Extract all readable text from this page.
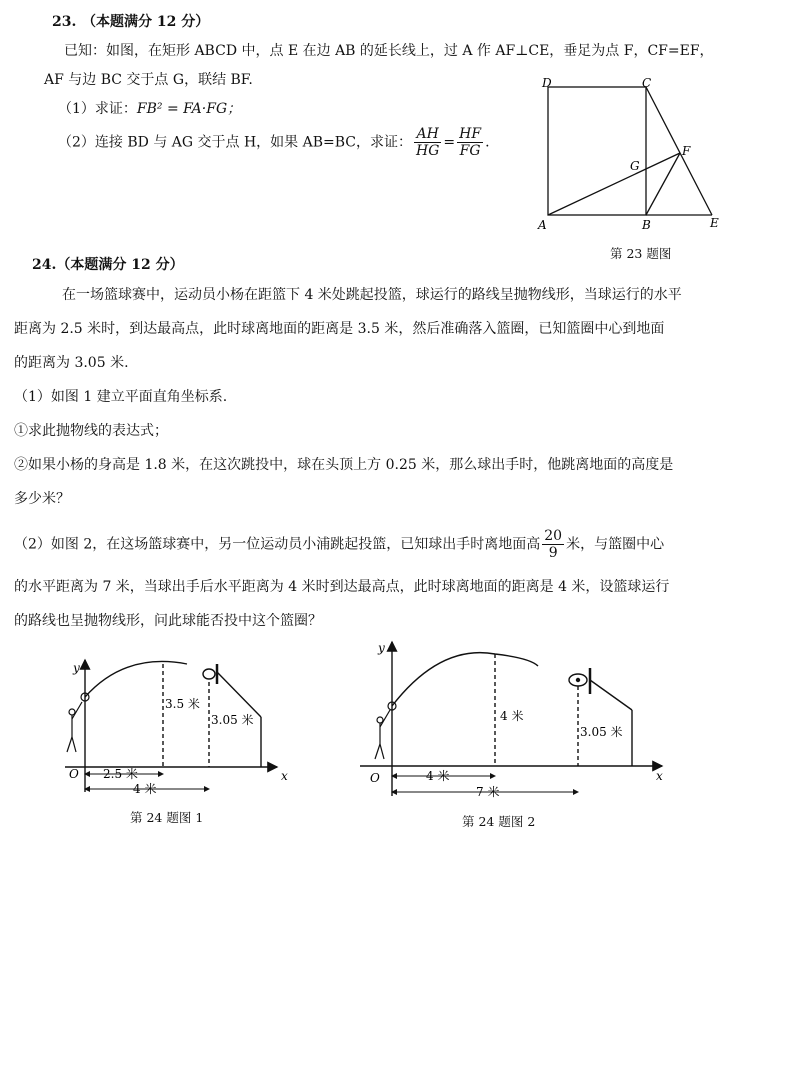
23. （本题满分 12 分）
已知：如图，在矩形 ABCD 中，点 E 在边 AB 的延长线上，过 A 作 AF⊥CE，垂足为点 F，CF=EF，
AF 与边 BC 交于点 G，联结 BF.
（1）求证：FB² = FA·FG；
（2）连接 BD 与 AG 交于点 H，如果 AB=BC，求证： $\frac{AH}{HG} = \frac{HF}{FG}$ .
D	C
G
F
A	B	E
第 23 题图
24.（本题满分 12 分）
在一场篮球赛中，运动员小杨在距篮下 4 米处跳起投篮，球运行的路线呈抛物线形，当球运行的水平
距离为 2.5 米时，到达最高点，此时球离地面的距离是 3.5 米，然后准确落入篮圈，已知篮圈中心到地面
的距离为 3.05 米.
（1）如图 1 建立平面直角坐标系.
①求此抛物线的表达式；
②如果小杨的身高是 1.8 米，在这次跳投中，球在头顶上方 0.25 米，那么球出手时，他跳离地面的高度是
多少米？
（2）如图 2，在这场篮球赛中，另一位运动员小浦跳起投篮，已知球出手时离地面高 $\frac{20}{9}$ 米，与篮圈中心
的水平距离为 7 米，当球出手后水平距离为 4 米时到达最高点，此时球离地面的距离是 4 米，设篮球运行
的路线也呈抛物线形，问此球能否投中这个篮圈？
y
x
O
3.5 米
3.05 米
2.5 米
4 米
第 24 题图 1
y
x
O
4 米
3.05 米
4 米
7 米
第 24 题图 2
